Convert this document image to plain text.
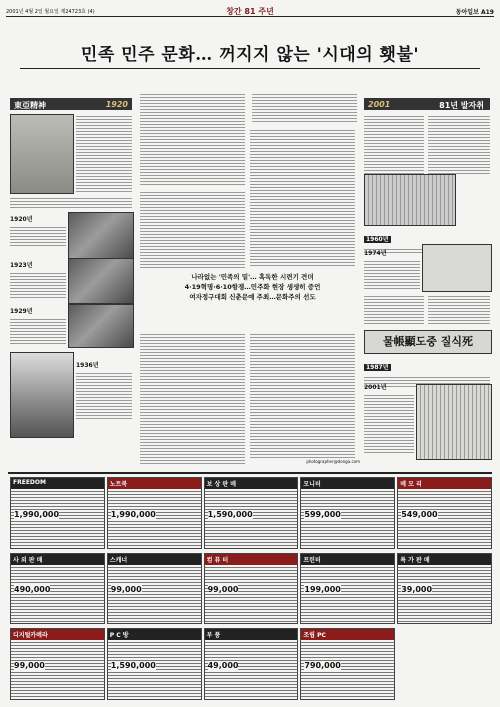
2001년 4월 2일 월요일 제24723호 (4)	창간 81 주년	동아일보 A19
민족 민주 문화… 꺼지지 않는 '시대의 횃불'
東亞精神	1920
1920년
1923년
1929년
1936년
나라없는 '민족의 밑'… 혹독한 시련기 견뎌
4·19혁명·6·10항쟁…민주화 현장 생생히 증언
여자정구대회 신춘문예 주최…문화주의 선도
photographer@donga.com
2001	81년 발자취
1960년
1974년
물帳顯도중 질식死
1987년
2001년
FREEDOM
1,990,000
노트북
1,990,000
보 상 판 매
1,590,000
모니터
599,000
메 모 리
549,000
사 외 판 매
490,000
스캐너
99,000
컴 퓨 터
99,000
프린터
199,000
특 가 판 매
39,000
디지털카메라
99,000
P C 방
1,590,000
부 품
49,000
조립 PC
790,000
